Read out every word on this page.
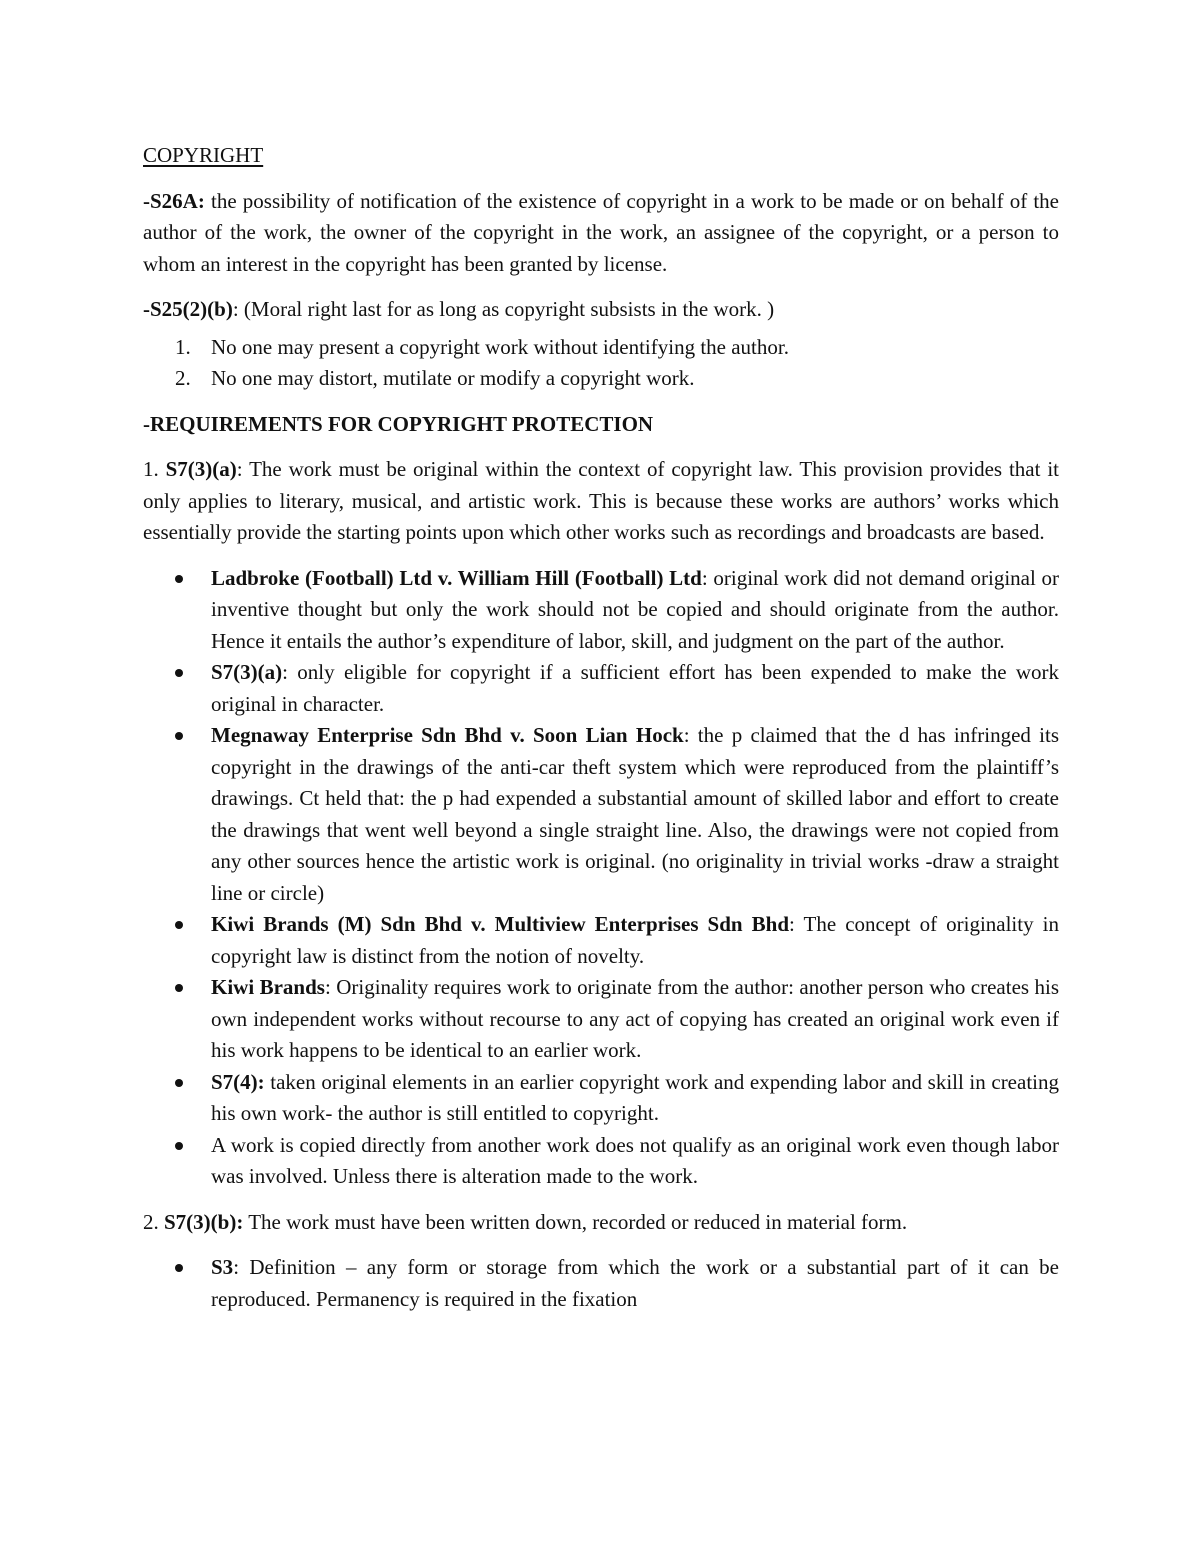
COPYRIGHT

-S26A: the possibility of notification of the existence of copyright in a work to be made or on behalf of the author of the work, the owner of the copyright in the work, an assignee of the copyright, or a person to whom an interest in the copyright has been granted by license.

-S25(2)(b): (Moral right last for as long as copyright subsists in the work. )

1. No one may present a copyright work without identifying the author.
2. No one may distort, mutilate or modify a copyright work.

-REQUIREMENTS FOR COPYRIGHT PROTECTION

1. S7(3)(a): The work must be original within the context of copyright law. This provision provides that it only applies to literary, musical, and artistic work. This is because these works are authors’ works which essentially provide the starting points upon which other works such as recordings and broadcasts are based.

Ladbroke (Football) Ltd v. William Hill (Football) Ltd: original work did not demand original or inventive thought but only the work should not be copied and should originate from the author. Hence it entails the author’s expenditure of labor, skill, and judgment on the part of the author.
S7(3)(a): only eligible for copyright if a sufficient effort has been expended to make the work original in character.
Megnaway Enterprise Sdn Bhd v. Soon Lian Hock: the p claimed that the d has infringed its copyright in the drawings of the anti-car theft system which were reproduced from the plaintiff’s drawings. Ct held that: the p had expended a substantial amount of skilled labor and effort to create the drawings that went well beyond a single straight line. Also, the drawings were not copied from any other sources hence the artistic work is original. (no originality in trivial works -draw a straight line or circle)
Kiwi Brands (M) Sdn Bhd v. Multiview Enterprises Sdn Bhd: The concept of originality in copyright law is distinct from the notion of novelty.
Kiwi Brands: Originality requires work to originate from the author: another person who creates his own independent works without recourse to any act of copying has created an original work even if his work happens to be identical to an earlier work.
S7(4): taken original elements in an earlier copyright work and expending labor and skill in creating his own work- the author is still entitled to copyright.
A work is copied directly from another work does not qualify as an original work even though labor was involved. Unless there is alteration made to the work.

2. S7(3)(b): The work must have been written down, recorded or reduced in material form.

S3: Definition – any form or storage from which the work or a substantial part of it can be reproduced. Permanency is required in the fixation
